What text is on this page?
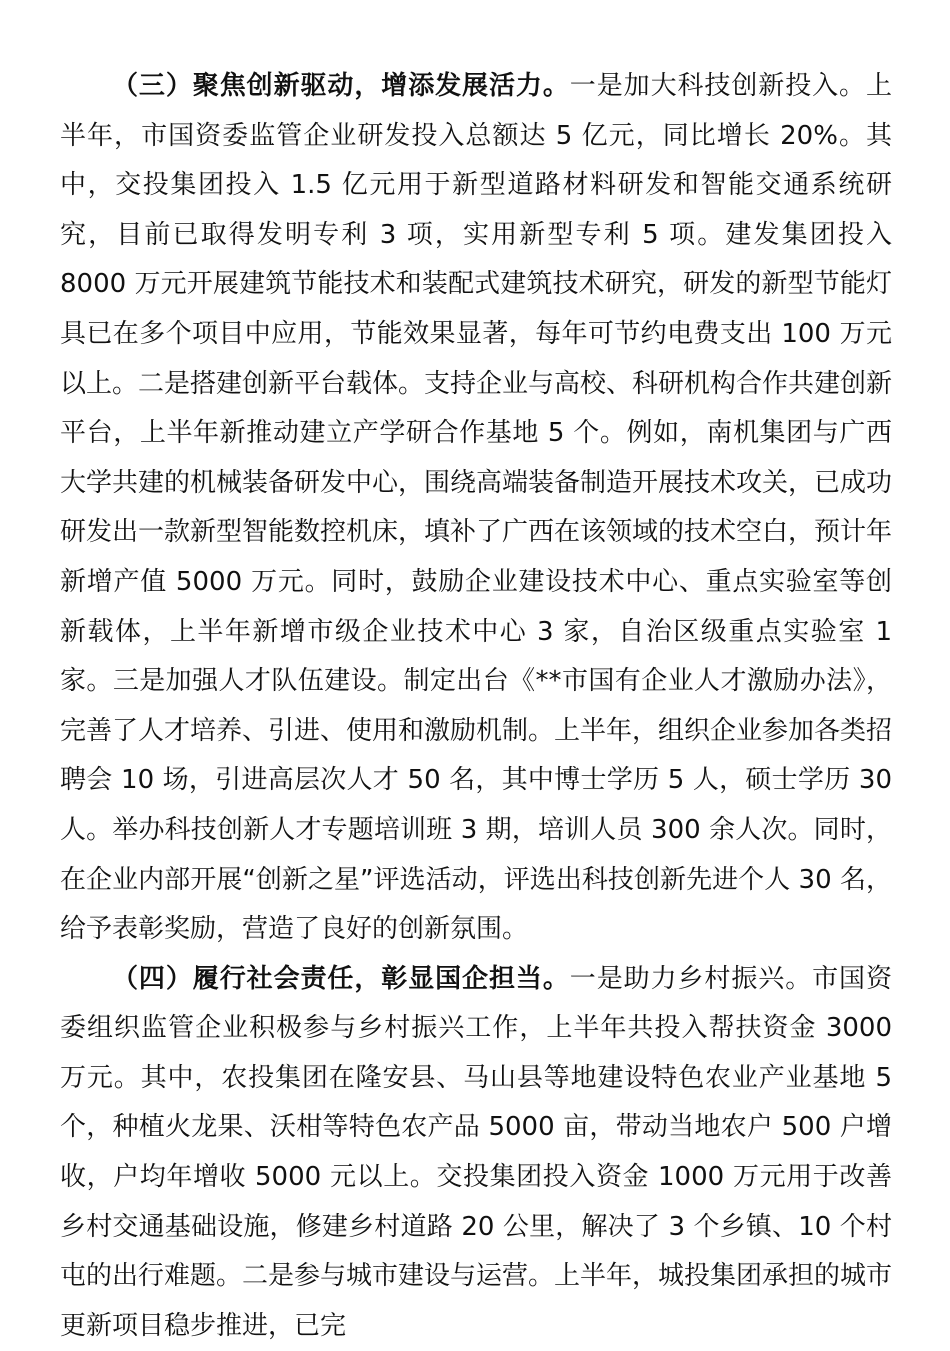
（三）聚焦创新驱动，增添发展活力。一是加大科技创新投入。上半年，市国资委监管企业研发投入总额达 5 亿元，同比增长 20%。其中，交投集团投入 1.5 亿元用于新型道路材料研发和智能交通系统研究，目前已取得发明专利 3 项，实用新型专利 5 项。建发集团投入 8000 万元开展建筑节能技术和装配式建筑技术研究，研发的新型节能灯具已在多个项目中应用，节能效果显著，每年可节约电费支出 100 万元以上。二是搭建创新平台载体。支持企业与高校、科研机构合作共建创新平台，上半年新推动建立产学研合作基地 5 个。例如，南机集团与广西大学共建的机械装备研发中心，围绕高端装备制造开展技术攻关，已成功研发出一款新型智能数控机床，填补了广西在该领域的技术空白，预计年新增产值 5000 万元。同时，鼓励企业建设技术中心、重点实验室等创新载体，上半年新增市级企业技术中心 3 家，自治区级重点实验室 1 家。三是加强人才队伍建设。制定出台《**市国有企业人才激励办法》，完善了人才培养、引进、使用和激励机制。上半年，组织企业参加各类招聘会 10 场，引进高层次人才 50 名，其中博士学历 5 人，硕士学历 30 人。举办科技创新人才专题培训班 3 期，培训人员 300 余人次。同时，在企业内部开展“创新之星”评选活动，评选出科技创新先进个人 30 名，给予表彰奖励，营造了良好的创新氛围。

（四）履行社会责任，彰显国企担当。一是助力乡村振兴。市国资委组织监管企业积极参与乡村振兴工作，上半年共投入帮扶资金 3000 万元。其中，农投集团在隆安县、马山县等地建设特色农业产业基地 5 个，种植火龙果、沃柑等特色农产品 5000 亩，带动当地农户 500 户增收，户均年增收 5000 元以上。交投集团投入资金 1000 万元用于改善乡村交通基础设施，修建乡村道路 20 公里，解决了 3 个乡镇、10 个村屯的出行难题。二是参与城市建设与运营。上半年，城投集团承担的城市更新项目稳步推进，已完
